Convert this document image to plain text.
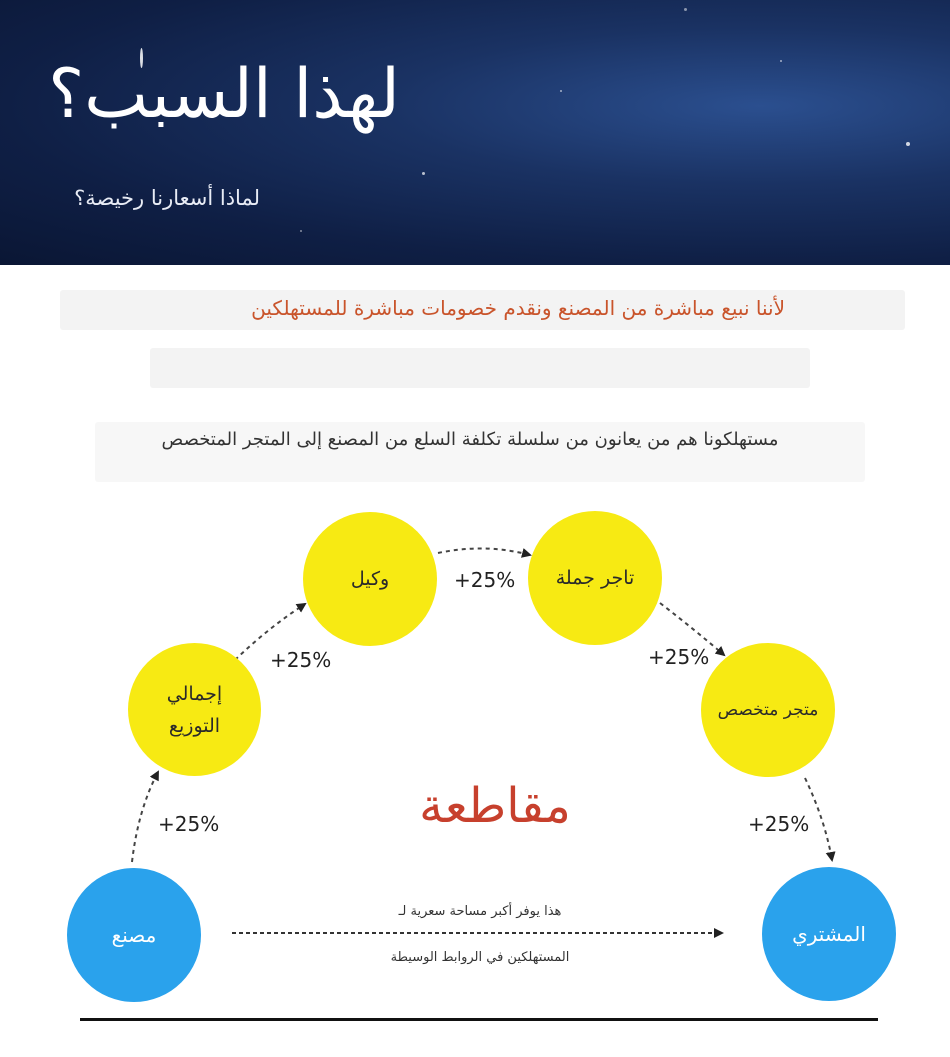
لهذا السبب؟
لماذا أسعارنا رخيصة؟
لأننا نبيع مباشرة من المصنع ونقدم خصومات مباشرة للمستهلكين
مستهلكونا هم من يعانون من سلسلة تكلفة السلع من المصنع إلى المتجر المتخصص
إجمالي
التوزيع
وكيل	تاجر جملة
متجر متخصص
مصنع	المشتري
+25%
+25%
+25%
+25%
+25%
مقاطعة
هذا يوفر أكبر مساحة سعرية لـ
المستهلكين في الروابط الوسيطة
